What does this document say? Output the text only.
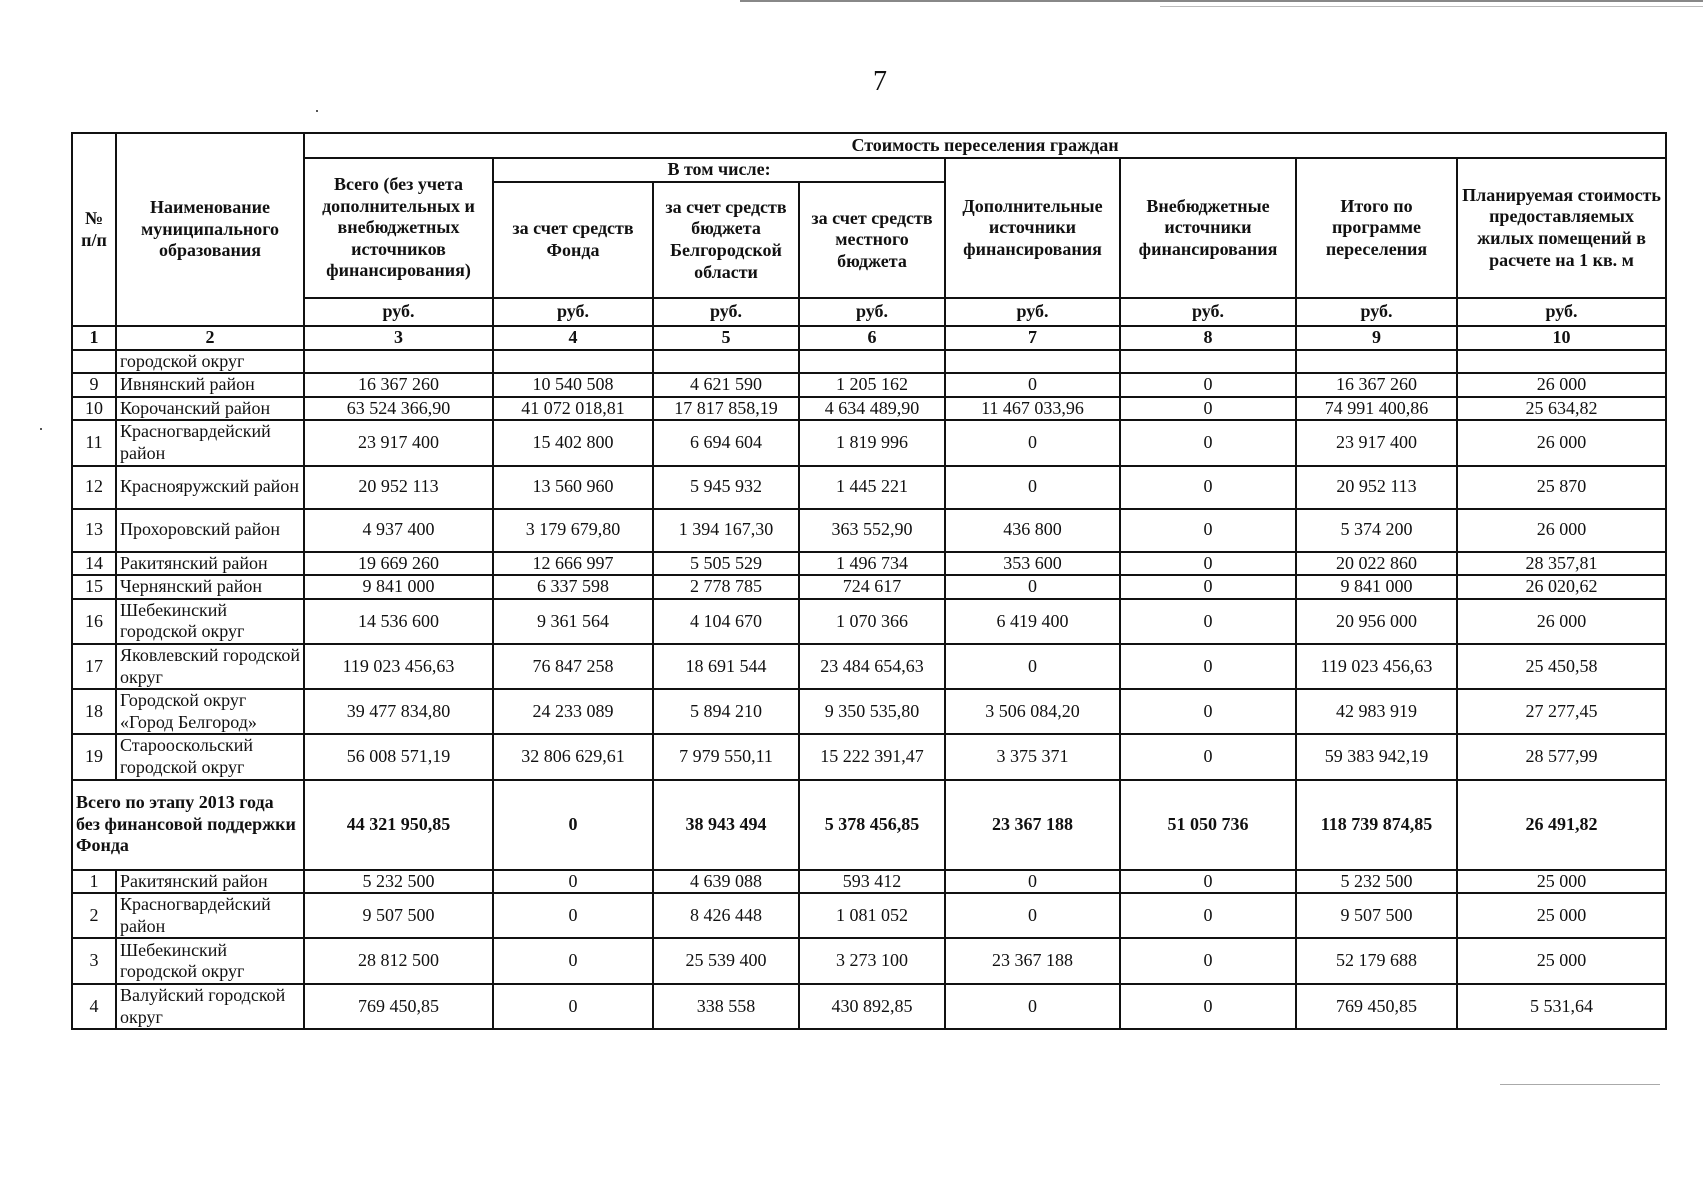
7
№ п/п	Наименование муниципального образования	Стоимость переселения граждан							
		Всего (без учета дополнительных и внебюджетных источников финансирования)	В том числе:			Дополнительные источники финансирования	Внебюджетные источники финансирования	Итого по программе переселения	Планируемая стоимость предоставляемых жилых помещений в расчете на 1 кв. м
			за счет средств Фонда	за счет средств бюджета Белгородской области	за счет средств местного бюджета				
		руб.	руб.	руб.	руб.	руб.	руб.	руб.	руб.
1	2	3	4	5	6	7	8	9	10
	городской округ								
9	Ивнянский район	16 367 260	10 540 508	4 621 590	1 205 162	0	0	16 367 260	26 000
10	Корочанский район	63 524 366,90	41 072 018,81	17 817 858,19	4 634 489,90	11 467 033,96	0	74 991 400,86	25 634,82
11	Красногвардейский район	23 917 400	15 402 800	6 694 604	1 819 996	0	0	23 917 400	26 000
12	Краснояружский район	20 952 113	13 560 960	5 945 932	1 445 221	0	0	20 952 113	25 870
13	Прохоровский район	4 937 400	3 179 679,80	1 394 167,30	363 552,90	436 800	0	5 374 200	26 000
14	Ракитянский район	19 669 260	12 666 997	5 505 529	1 496 734	353 600	0	20 022 860	28 357,81
15	Чернянский район	9 841 000	6 337 598	2 778 785	724 617	0	0	9 841 000	26 020,62
16	Шебекинский городской округ	14 536 600	9 361 564	4 104 670	1 070 366	6 419 400	0	20 956 000	26 000
17	Яковлевский городской округ	119 023 456,63	76 847 258	18 691 544	23 484 654,63	0	0	119 023 456,63	25 450,58
18	Городской округ «Город Белгород»	39 477 834,80	24 233 089	5 894 210	9 350 535,80	3 506 084,20	0	42 983 919	27 277,45
19	Старооскольский городской округ	56 008 571,19	32 806 629,61	7 979 550,11	15 222 391,47	3 375 371	0	59 383 942,19	28 577,99
Всего по этапу 2013 года без финансовой поддержки Фонда		44 321 950,85	0	38 943 494	5 378 456,85	23 367 188	51 050 736	118 739 874,85	26 491,82
1	Ракитянский район	5 232 500	0	4 639 088	593 412	0	0	5 232 500	25 000
2	Красногвардейский район	9 507 500	0	8 426 448	1 081 052	0	0	9 507 500	25 000
3	Шебекинский городской округ	28 812 500	0	25 539 400	3 273 100	23 367 188	0	52 179 688	25 000
4	Валуйский городской округ	769 450,85	0	338 558	430 892,85	0	0	769 450,85	5 531,64
